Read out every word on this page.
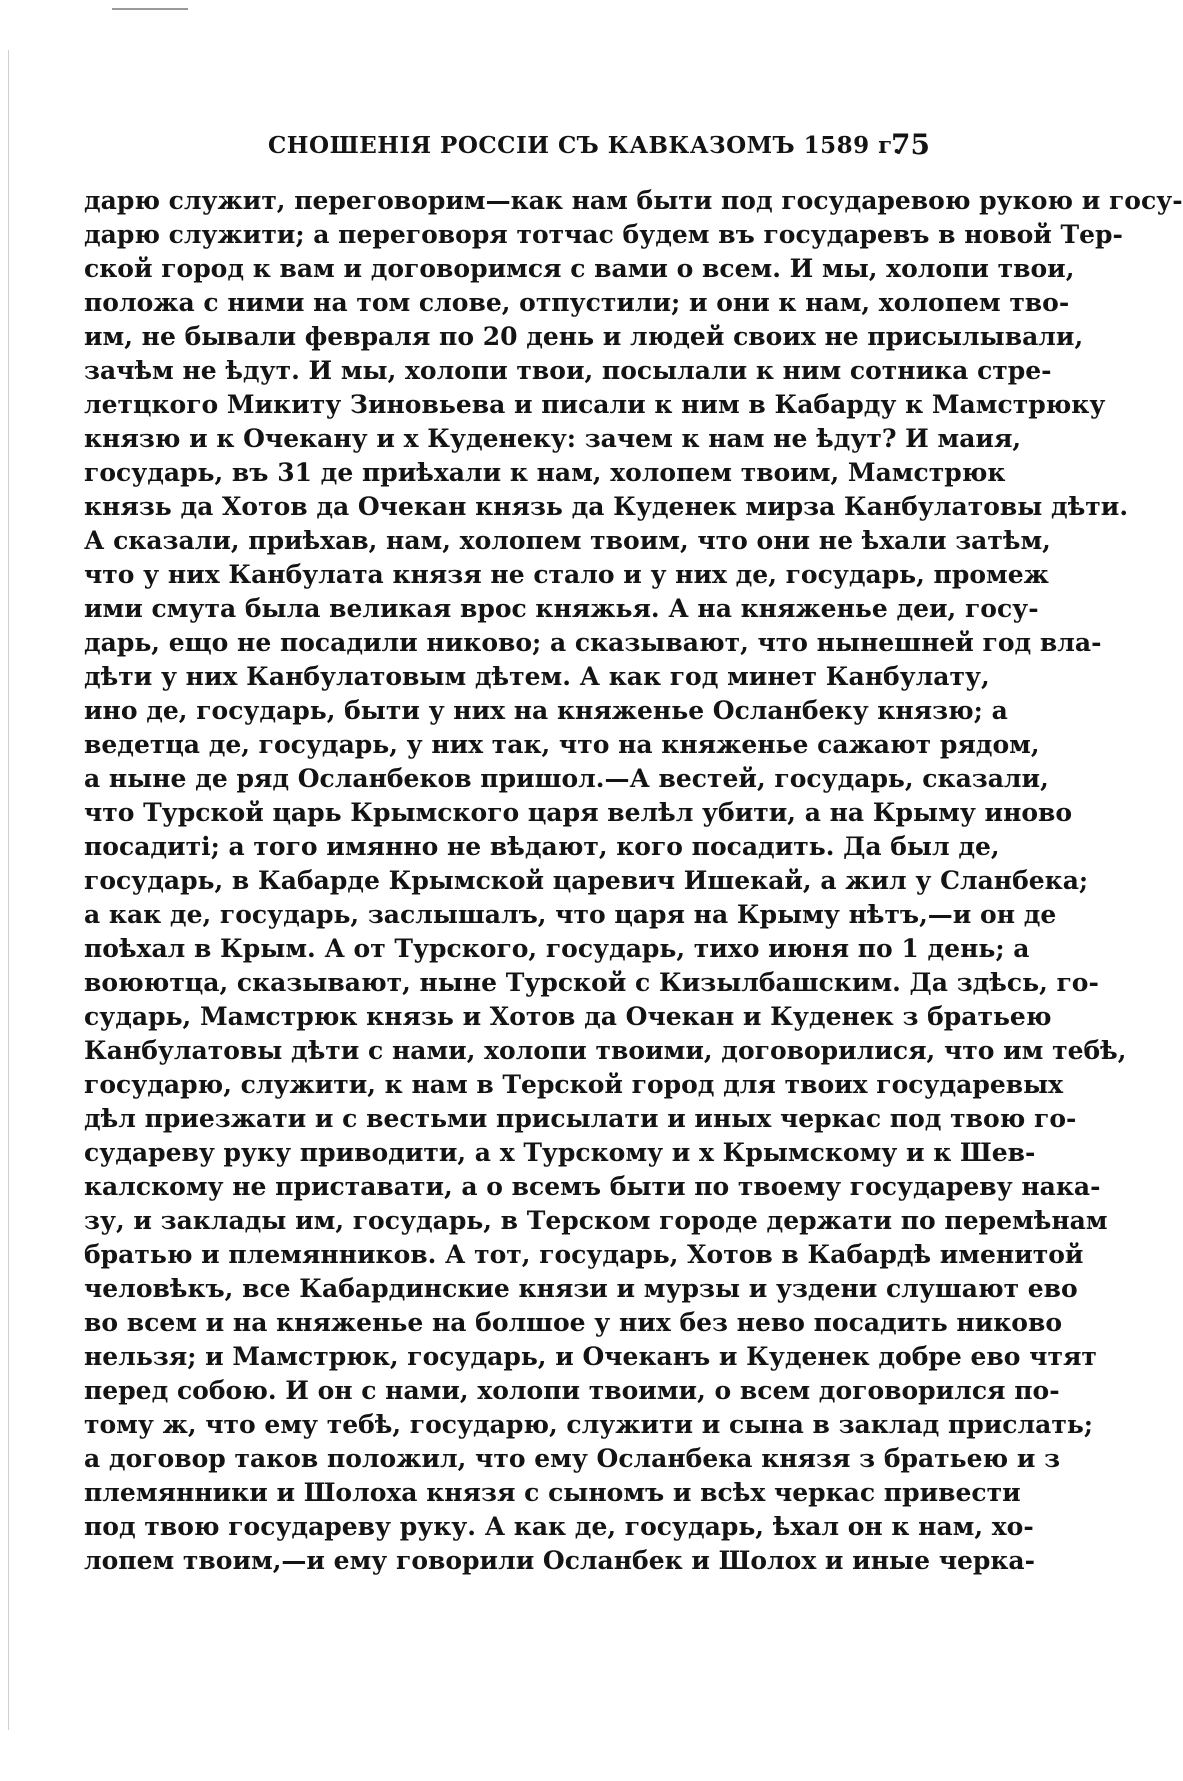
СНОШЕНІЯ РОССІИ СЪ КАВКАЗОМЪ 1589 г.
75
дарю служит, переговорим—как нам быти под государевою рукою и госу-
дарю служити; а переговоря тотчас будем въ государевъ в новой Тер-
ской город к вам и договоримся с вами о всем. И мы, холопи твои,
положа с ними на том слове, отпустили; и они к нам, холопем тво-
им, не бывали февраля по 20 день и людей своих не присылывали,
зачѣм не ѣдут. И мы, холопи твои, посылали к ним сотника стре-
летцкого Микиту Зиновьева и писали к ним в Кабарду к Мамстрюку
князю и к Очекану и х Куденеку: зачем к нам не ѣдут? И маия,
государь, въ 31 де приѣхали к нам, холопем твоим, Мамстрюк
князь да Хотов да Очекан князь да Куденек мирза Канбулатовы дѣти.
А сказали, приѣхав, нам, холопем твоим, что они не ѣхали затѣм,
что у них Канбулата князя не стало и у них де, государь, промеж
ими смута была великая врос княжья. А на княженье деи, госу-
дарь, ещо не посадили никово; а сказывают, что нынешней год вла-
дѣти у них Канбулатовым дѣтем. А как год минет Канбулату,
ино де, государь, быти у них на княженье Осланбеку князю; а
ведетца де, государь, у них так, что на княженье сажают рядом,
а ныне де ряд Осланбеков пришол.—А вестей, государь, сказали,
что Турской царь Крымского царя велѣл убити, а на Крыму иново
посадиті; а того имянно не вѣдают, кого посадить. Да был де,
государь, в Кабарде Крымской царевич Ишекай, а жил у Сланбека;
а как де, государь, заслышалъ, что царя на Крыму нѣтъ,—и он де
поѣхал в Крым. А от Турского, государь, тихо июня по 1 день; а
воюютца, сказывают, ныне Турской с Кизылбашским. Да здѣсь, го-
сударь, Мамстрюк князь и Хотов да Очекан и Куденек з братьею
Канбулатовы дѣти с нами, холопи твоими, договорилися, что им тебѣ,
государю, служити, к нам в Терской город для твоих государевых
дѣл приезжати и с вестьми присылати и иных черкас под твою го-
судареву руку приводити, а х Турскому и х Крымскому и к Шев-
калскому не приставати, а о всемъ быти по твоему государеву нака-
зу, и заклады им, государь, в Терском городе держати по перемѣнам
братью и племянников. А тот, государь, Хотов в Кабардѣ именитой
человѣкъ, все Кабардинские князи и мурзы и уздени слушают ево
во всем и на княженье на болшое у них без нево посадить никово
нельзя; и Мамстрюк, государь, и Очеканъ и Куденек добре ево чтят
перед собою. И он с нами, холопи твоими, о всем договорился по-
тому ж, что ему тебѣ, государю, служити и сына в заклад прислать;
а договор таков положил, что ему Осланбека князя з братьею и з
племянники и Шолоха князя с сыномъ и всѣх черкас привести
под твою государеву руку. А как де, государь, ѣхал он к нам, хо-
лопем твоим,—и ему говорили Осланбек и Шолох и иные черка-
